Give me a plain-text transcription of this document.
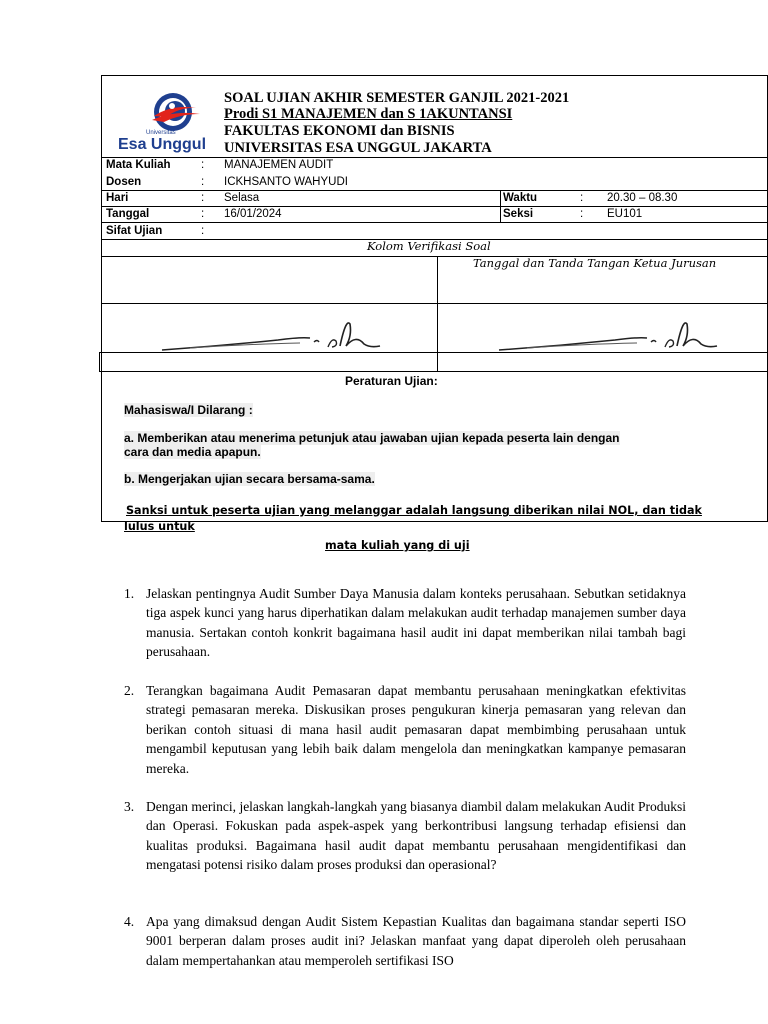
Universitas
Esa Unggul
SOAL UJIAN AKHIR SEMESTER GANJIL 2021-2021
Prodi S1 MANAJEMEN dan S 1AKUNTANSI
FAKULTAS EKONOMI dan BISNIS
UNIVERSITAS ESA UNGGUL JAKARTA
Mata Kuliah	: MANAJEMEN AUDIT
Dosen	: ICKHSANTO WAHYUDI
Hari	: Selasa	Waktu	: 20.30 – 08.30
Tanggal	: 16/01/2024	Seksi	: EU101
Sifat Ujian	:
Kolom Verifikasi Soal
Tanggal dan Tanda Tangan Ketua Jurusan
Peraturan Ujian:
Mahasiswa/I Dilarang :
a. Memberikan atau menerima petunjuk atau jawaban ujian kepada peserta lain dengan
cara dan media apapun.
b. Mengerjakan ujian secara bersama-sama.
Sanksi untuk peserta ujian yang melanggar adalah langsung diberikan nilai NOL, dan tidak
lulus untuk
mata kuliah yang di uji
1. Jelaskan pentingnya Audit Sumber Daya Manusia dalam konteks perusahaan. Sebutkan setidaknya tiga aspek kunci yang harus diperhatikan dalam melakukan audit terhadap manajemen sumber daya manusia. Sertakan contoh konkrit bagaimana hasil audit ini dapat memberikan nilai tambah bagi perusahaan.
2. Terangkan bagaimana Audit Pemasaran dapat membantu perusahaan meningkatkan efektivitas strategi pemasaran mereka. Diskusikan proses pengukuran kinerja pemasaran yang relevan dan berikan contoh situasi di mana hasil audit pemasaran dapat membimbing perusahaan untuk mengambil keputusan yang lebih baik dalam mengelola dan meningkatkan kampanye pemasaran mereka.
3. Dengan merinci, jelaskan langkah-langkah yang biasanya diambil dalam melakukan Audit Produksi dan Operasi. Fokuskan pada aspek-aspek yang berkontribusi langsung terhadap efisiensi dan kualitas produksi. Bagaimana hasil audit dapat membantu perusahaan mengidentifikasi dan mengatasi potensi risiko dalam proses produksi dan operasional?
4. Apa yang dimaksud dengan Audit Sistem Kepastian Kualitas dan bagaimana standar seperti ISO 9001 berperan dalam proses audit ini? Jelaskan manfaat yang dapat diperoleh oleh perusahaan dalam mempertahankan atau memperoleh sertifikasi ISO
